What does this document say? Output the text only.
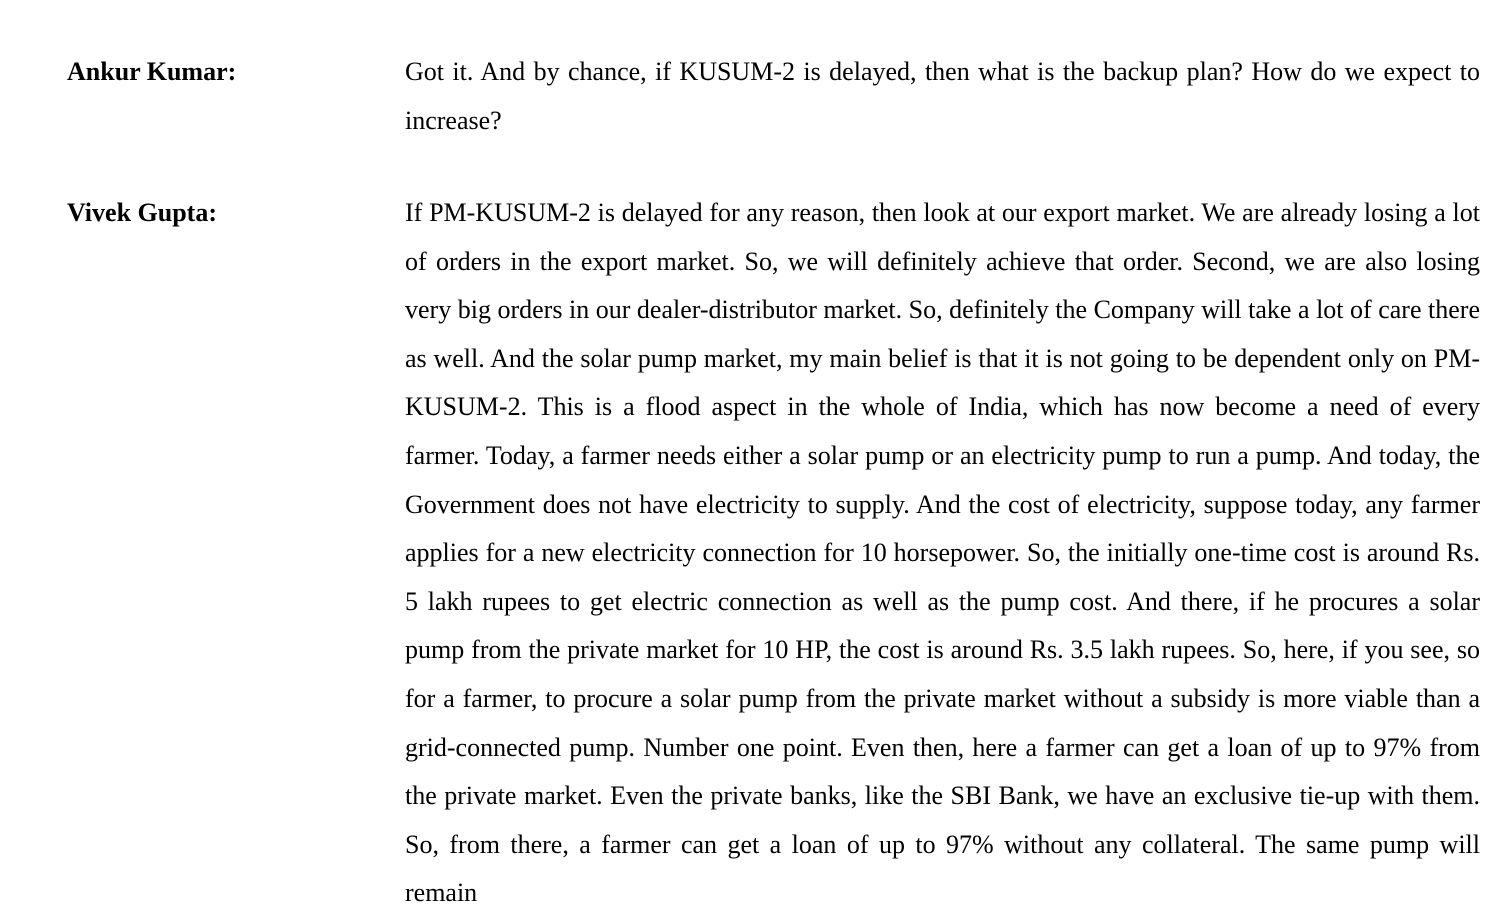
Ankur Kumar:	Got it. And by chance, if KUSUM-2 is delayed, then what is the backup plan? How do we expect to increase?

Vivek Gupta:	If PM-KUSUM-2 is delayed for any reason, then look at our export market. We are already losing a lot of orders in the export market. So, we will definitely achieve that order. Second, we are also losing very big orders in our dealer-distributor market. So, definitely the Company will take a lot of care there as well. And the solar pump market, my main belief is that it is not going to be dependent only on PM-KUSUM-2. This is a flood aspect in the whole of India, which has now become a need of every farmer. Today, a farmer needs either a solar pump or an electricity pump to run a pump. And today, the Government does not have electricity to supply. And the cost of electricity, suppose today, any farmer applies for a new electricity connection for 10 horsepower. So, the initially one-time cost is around Rs. 5 lakh rupees to get electric connection as well as the pump cost. And there, if he procures a solar pump from the private market for 10 HP, the cost is around Rs. 3.5 lakh rupees. So, here, if you see, so for a farmer, to procure a solar pump from the private market without a subsidy is more viable than a grid-connected pump. Number one point. Even then, here a farmer can get a loan of up to 97% from the private market. Even the private banks, like the SBI Bank, we have an exclusive tie-up with them. So, from there, a farmer can get a loan of up to 97% without any collateral. The same pump will remain
